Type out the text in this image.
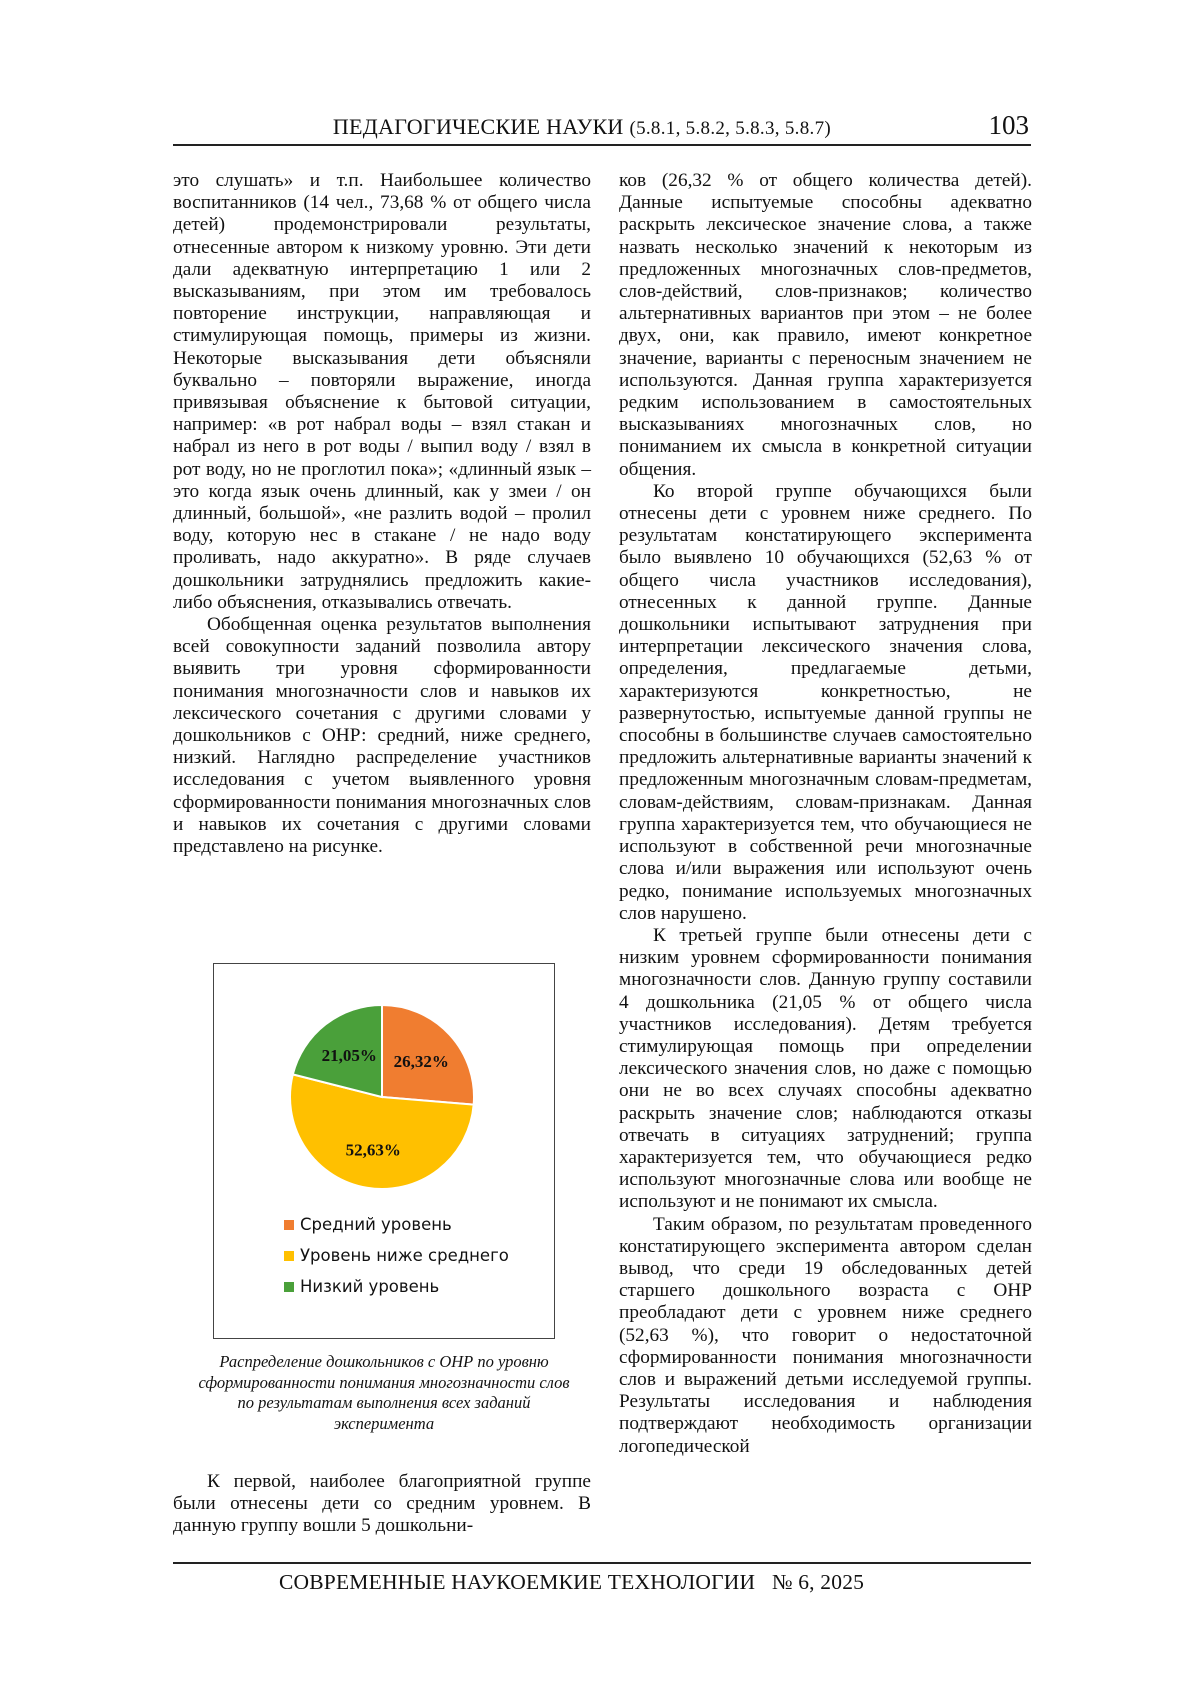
ПЕДАГОГИЧЕСКИЕ НАУКИ (5.8.1, 5.8.2, 5.8.3, 5.8.7)	103

это слушать» и т.п. Наибольшее количество воспитанников (14 чел., 73,68 % от общего числа детей) продемонстрировали результаты, отнесенные автором к низкому уровню. Эти дети дали адекватную интерпретацию 1 или 2 высказываниям, при этом им требовалось повторение инструкции, направляющая и стимулирующая помощь, примеры из жизни. Некоторые высказывания дети объясняли буквально – повторяли выражение, иногда привязывая объяснение к бытовой ситуации, например: «в рот набрал воды – взял стакан и набрал из него в рот воды / выпил воду / взял в рот воду, но не проглотил пока»; «длинный язык – это когда язык очень длинный, как у змеи / он длинный, большой», «не разлить водой – пролил воду, которую нес в стакане / не надо воду проливать, надо аккуратно». В ряде случаев дошкольники затруднялись предложить какие-либо объяснения, отказывались отвечать.

Обобщенная оценка результатов выполнения всей совокупности заданий позволила автору выявить три уровня сформированности понимания многозначности слов и навыков их лексического сочетания с другими словами у дошкольников с ОНР: средний, ниже среднего, низкий. Наглядно распределение участников исследования с учетом выявленного уровня сформированности понимания многозначных слов и навыков их сочетания с другими словами представлено на рисунке.

26,32%
52,63%
21,05%
Средний уровень
Уровень ниже среднего
Низкий уровень
Распределение дошкольников с ОНР по уровню сформированности понимания многозначности слов по результатам выполнения всех заданий эксперимента

К первой, наиболее благоприятной группе были отнесены дети со средним уровнем. В данную группу вошли 5 дошкольни-

ков (26,32 % от общего количества детей). Данные испытуемые способны адекватно раскрыть лексическое значение слова, а также назвать несколько значений к некоторым из предложенных многозначных слов-предметов, слов-действий, слов-признаков; количество альтернативных вариантов при этом – не более двух, они, как правило, имеют конкретное значение, варианты с переносным значением не используются. Данная группа характеризуется редким использованием в самостоятельных высказываниях многозначных слов, но пониманием их смысла в конкретной ситуации общения.

Ко второй группе обучающихся были отнесены дети с уровнем ниже среднего. По результатам констатирующего эксперимента было выявлено 10 обучающихся (52,63 % от общего числа участников исследования), отнесенных к данной группе. Данные дошкольники испытывают затруднения при интерпретации лексического значения слова, определения, предлагаемые детьми, характеризуются конкретностью, не развернутостью, испытуемые данной группы не способны в большинстве случаев самостоятельно предложить альтернативные варианты значений к предложенным многозначным словам-предметам, словам-действиям, словам-признакам. Данная группа характеризуется тем, что обучающиеся не используют в собственной речи многозначные слова и/или выражения или используют очень редко, понимание используемых многозначных слов нарушено.

К третьей группе были отнесены дети с низким уровнем сформированности понимания многозначности слов. Данную группу составили 4 дошкольника (21,05 % от общего числа участников исследования). Детям требуется стимулирующая помощь при определении лексического значения слов, но даже с помощью они не во всех случаях способны адекватно раскрыть значение слов; наблюдаются отказы отвечать в ситуациях затруднений; группа характеризуется тем, что обучающиеся редко используют многозначные слова или вообще не используют и не понимают их смысла.

Таким образом, по результатам проведенного констатирующего эксперимента автором сделан вывод, что среди 19 обследованных детей старшего дошкольного возраста с ОНР преобладают дети с уровнем ниже среднего (52,63 %), что говорит о недостаточной сформированности понимания многозначности слов и выражений детьми исследуемой группы. Результаты исследования и наблюдения подтверждают необходимость организации логопедической

СОВРЕМЕННЫЕ НАУКОЕМКИЕ ТЕХНОЛОГИИ № 6, 2025
